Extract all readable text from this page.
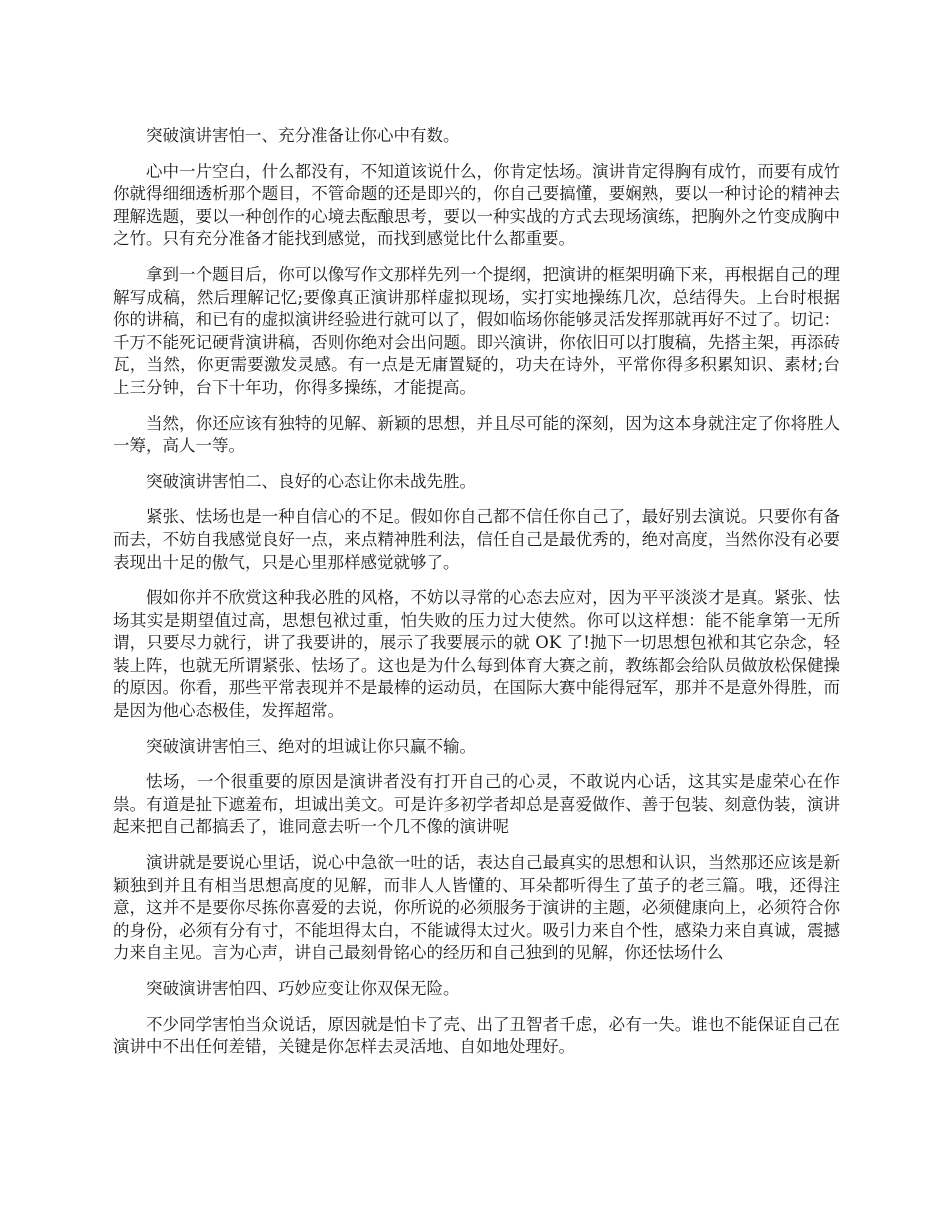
突破演讲害怕一、充分准备让你心中有数。

心中一片空白，什么都没有，不知道该说什么，你肯定怯场。演讲肯定得胸有成竹，而要有成竹你就得细细透析那个题目，不管命题的还是即兴的，你自己要搞懂，要娴熟，要以一种讨论的精神去理解选题，要以一种创作的心境去酝酿思考，要以一种实战的方式去现场演练，把胸外之竹变成胸中之竹。只有充分准备才能找到感觉，而找到感觉比什么都重要。

拿到一个题目后，你可以像写作文那样先列一个提纲，把演讲的框架明确下来，再根据自己的理解写成稿，然后理解记忆;要像真正演讲那样虚拟现场，实打实地操练几次，总结得失。上台时根据你的讲稿，和已有的虚拟演讲经验进行就可以了，假如临场你能够灵活发挥那就再好不过了。切记：千万不能死记硬背演讲稿，否则你绝对会出问题。即兴演讲，你依旧可以打腹稿，先搭主架，再添砖瓦，当然，你更需要激发灵感。有一点是无庸置疑的，功夫在诗外，平常你得多积累知识、素材;台上三分钟，台下十年功，你得多操练，才能提高。

当然，你还应该有独特的见解、新颖的思想，并且尽可能的深刻，因为这本身就注定了你将胜人一筹，高人一等。

突破演讲害怕二、良好的心态让你未战先胜。

紧张、怯场也是一种自信心的不足。假如你自己都不信任你自己了，最好别去演说。只要你有备而去，不妨自我感觉良好一点，来点精神胜利法，信任自己是最优秀的，绝对高度，当然你没有必要表现出十足的傲气，只是心里那样感觉就够了。

假如你并不欣赏这种我必胜的风格，不妨以寻常的心态去应对，因为平平淡淡才是真。紧张、怯场其实是期望值过高，思想包袱过重，怕失败的压力过大使然。你可以这样想：能不能拿第一无所谓，只要尽力就行，讲了我要讲的，展示了我要展示的就 OK 了!抛下一切思想包袱和其它杂念，轻装上阵，也就无所谓紧张、怯场了。这也是为什么每到体育大赛之前，教练都会给队员做放松保健操的原因。你看，那些平常表现并不是最棒的运动员，在国际大赛中能得冠军，那并不是意外得胜，而是因为他心态极佳，发挥超常。

突破演讲害怕三、绝对的坦诚让你只赢不输。

怯场，一个很重要的原因是演讲者没有打开自己的心灵，不敢说内心话，这其实是虚荣心在作祟。有道是扯下遮羞布，坦诚出美文。可是许多初学者却总是喜爱做作、善于包装、刻意伪装，演讲起来把自己都搞丢了，谁同意去听一个几不像的演讲呢

演讲就是要说心里话，说心中急欲一吐的话，表达自己最真实的思想和认识，当然那还应该是新颖独到并且有相当思想高度的见解，而非人人皆懂的、耳朵都听得生了茧子的老三篇。哦，还得注意，这并不是要你尽拣你喜爱的去说，你所说的必须服务于演讲的主题，必须健康向上，必须符合你的身份，必须有分有寸，不能坦得太白，不能诚得太过火。吸引力来自个性，感染力来自真诚，震撼力来自主见。言为心声，讲自己最刻骨铭心的经历和自己独到的见解，你还怯场什么

突破演讲害怕四、巧妙应变让你双保无险。

不少同学害怕当众说话，原因就是怕卡了壳、出了丑智者千虑，必有一失。谁也不能保证自己在演讲中不出任何差错，关键是你怎样去灵活地、自如地处理好。
